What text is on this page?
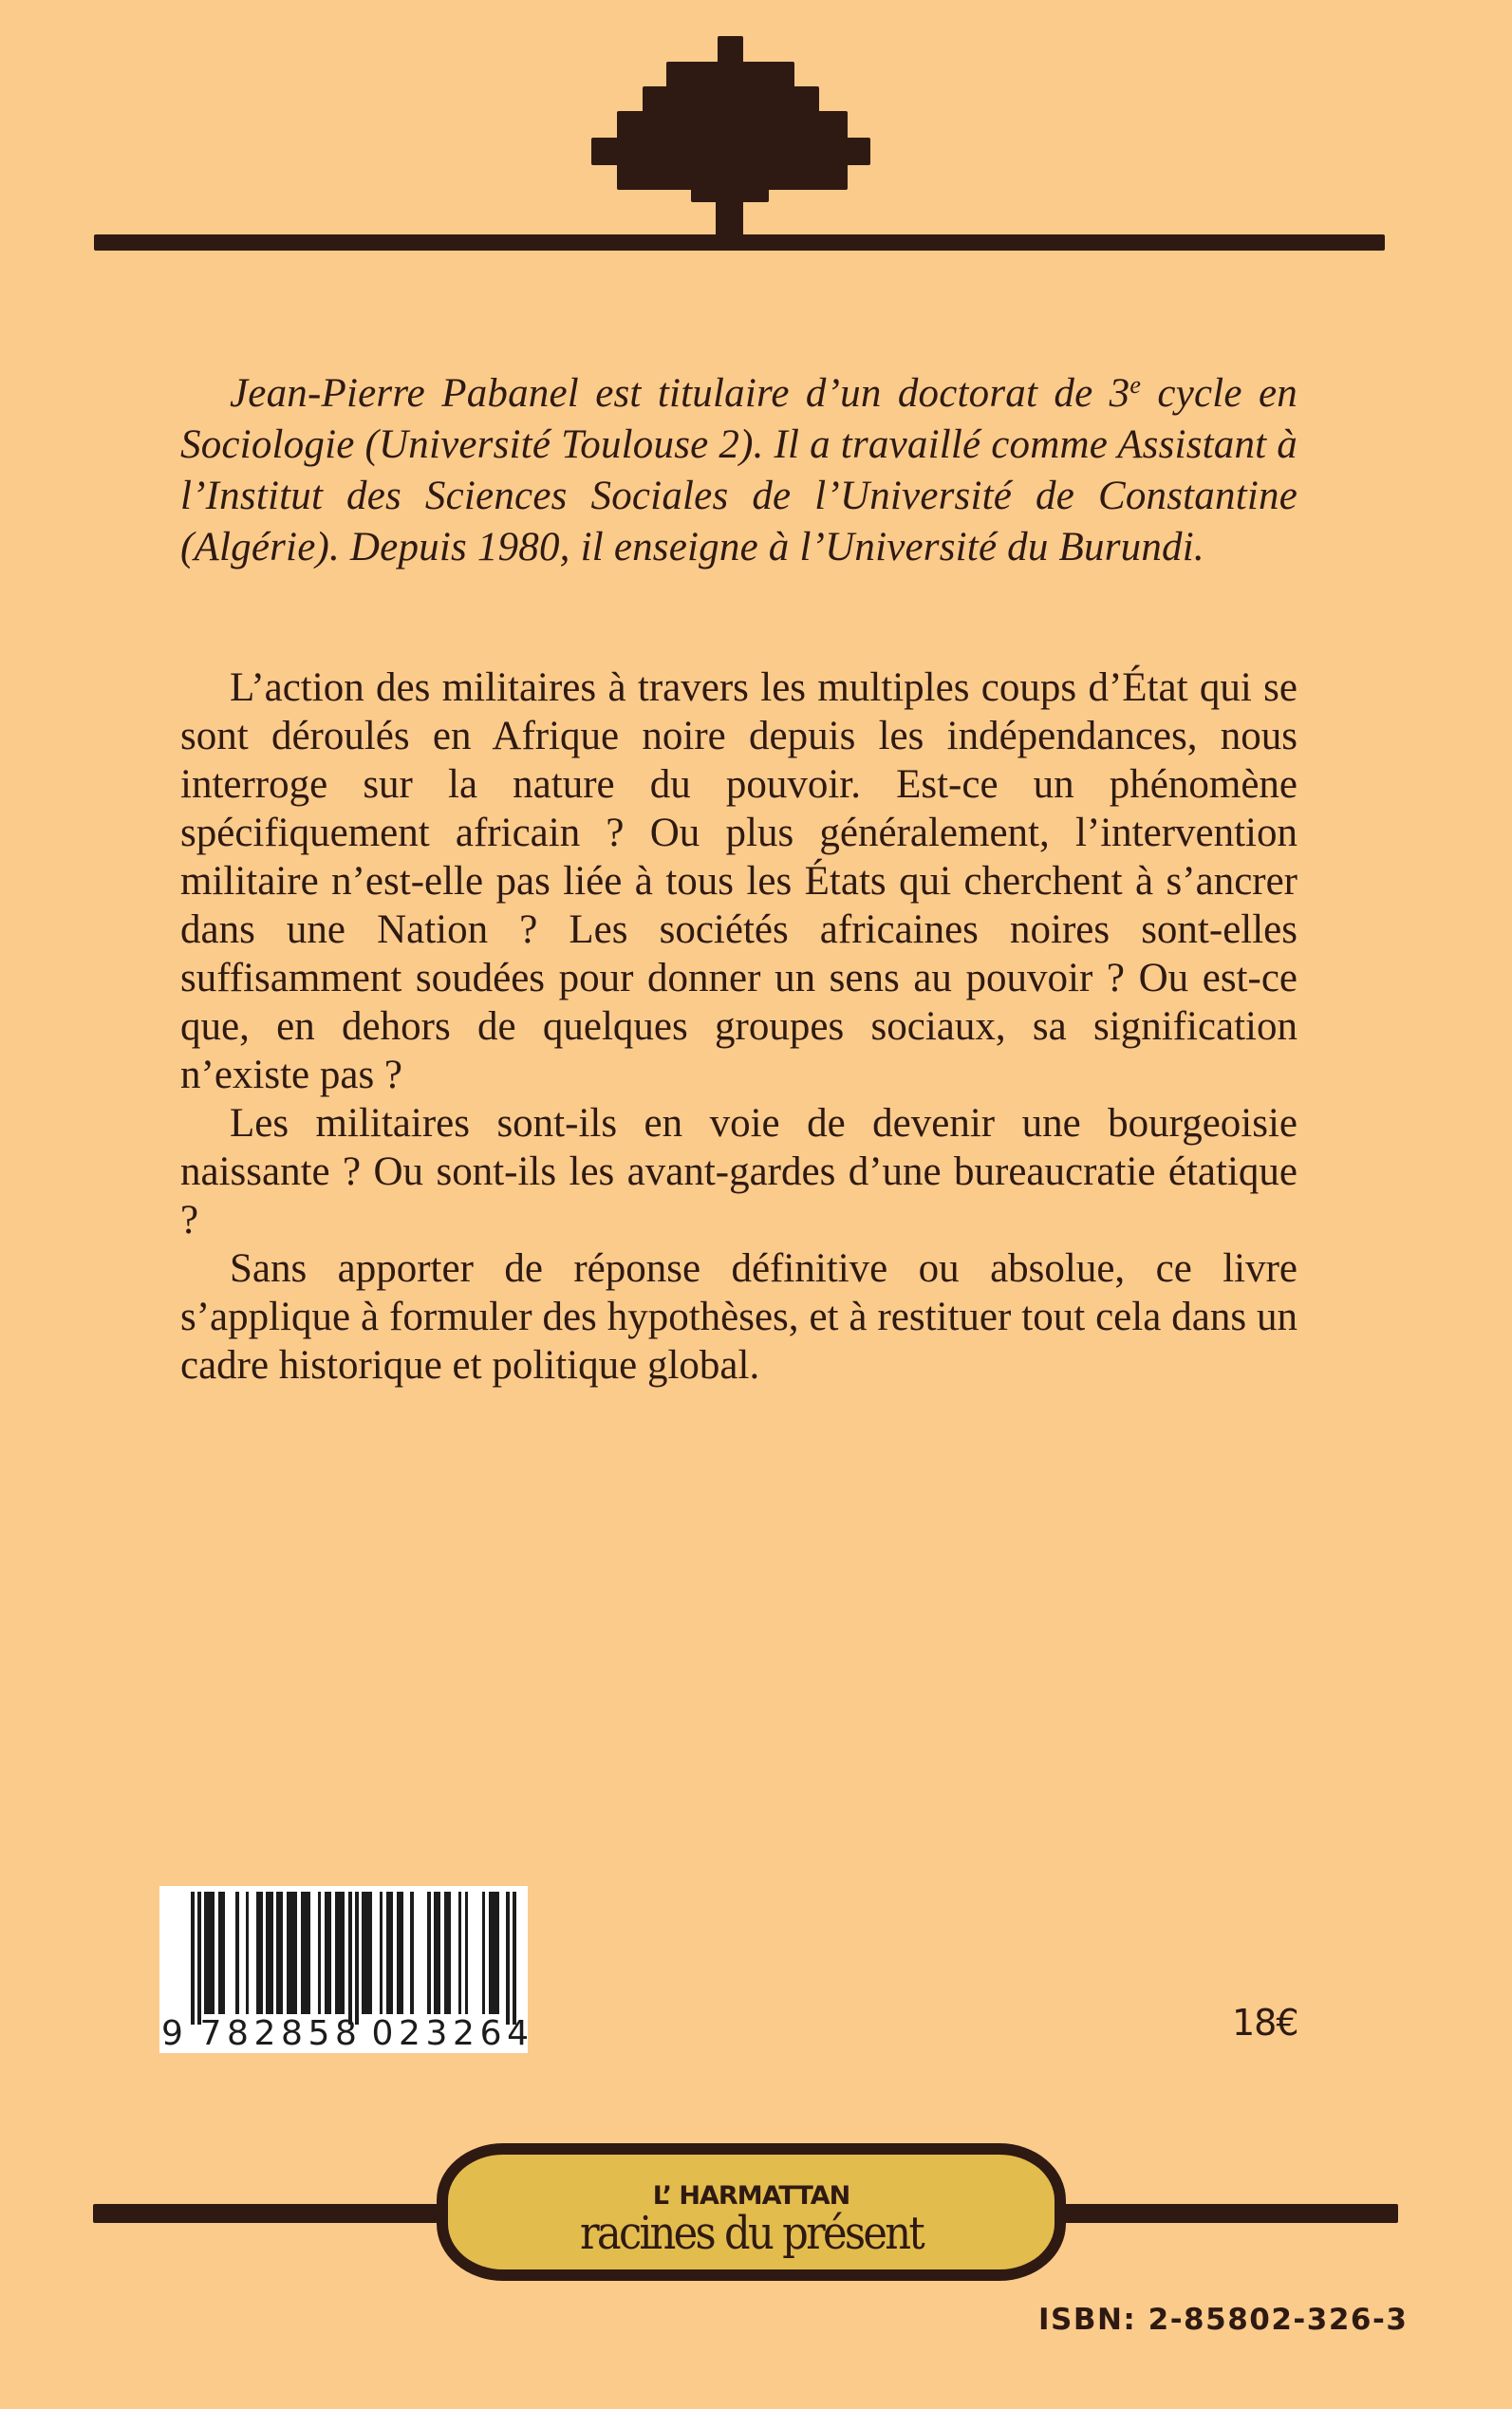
Jean-Pierre Pabanel est titulaire d’un doctorat de 3e cycle en Sociologie (Université Toulouse 2). Il a travaillé comme Assistant à l’Institut des Sciences Sociales de l’Université de Constantine (Algérie). Depuis 1980, il enseigne à l’Université du Burundi.

L’action des militaires à travers les multiples coups d’État qui se sont déroulés en Afrique noire depuis les indépendances, nous interroge sur la nature du pouvoir. Est-ce un phénomène spécifiquement africain ? Ou plus généralement, l’intervention militaire n’est-elle pas liée à tous les États qui cherchent à s’ancrer dans une Nation ? Les sociétés africaines noires sont-elles suffisamment soudées pour donner un sens au pouvoir ? Ou est-ce que, en dehors de quelques groupes sociaux, sa signification n’existe pas ?

Les militaires sont-ils en voie de devenir une bourgeoisie naissante ? Ou sont-ils les avant-gardes d’une bureaucratie étatique ?

Sans apporter de réponse définitive ou absolue, ce livre s’applique à formuler des hypothèses, et à restituer tout cela dans un cadre historique et politique global.

9 782858 023264	18€
L’ HARMATTAN
racines du présent
ISBN: 2-85802-326-3
